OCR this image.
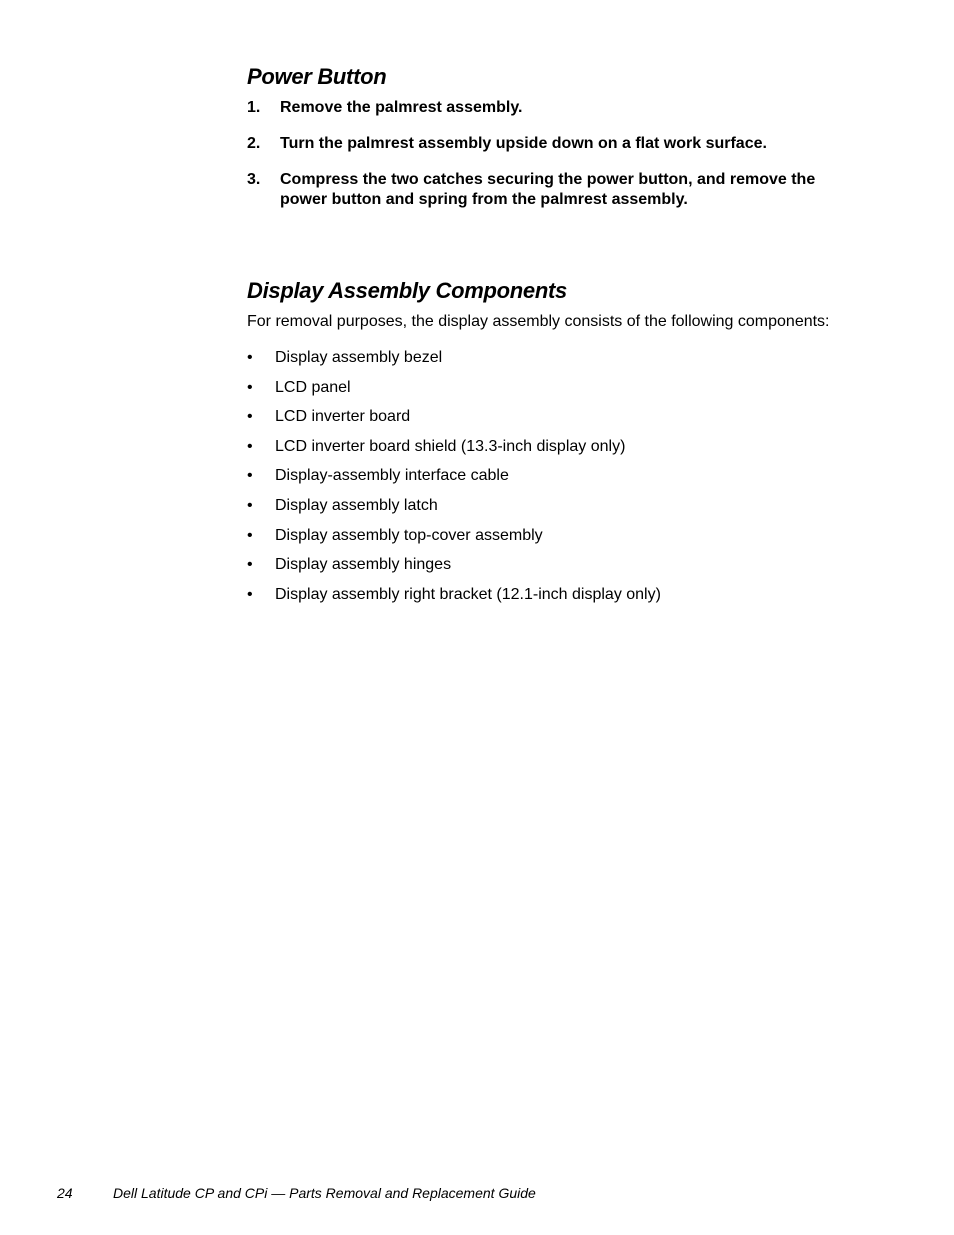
Power Button
1.	Remove the palmrest assembly.
2.	Turn the palmrest assembly upside down on a flat work surface.
3.	Compress the two catches securing the power button, and remove the power button and spring from the palmrest assembly.
Display Assembly Components

For removal purposes, the display assembly consists of the following components:

•	Display assembly bezel
•	LCD panel
•	LCD inverter board
•	LCD inverter board shield (13.3-inch display only)
•	Display-assembly interface cable
•	Display assembly latch
•	Display assembly top-cover assembly
•	Display assembly hinges
•	Display assembly right bracket (12.1-inch display only)
24	Dell Latitude CP and CPi — Parts Removal and Replacement Guide
